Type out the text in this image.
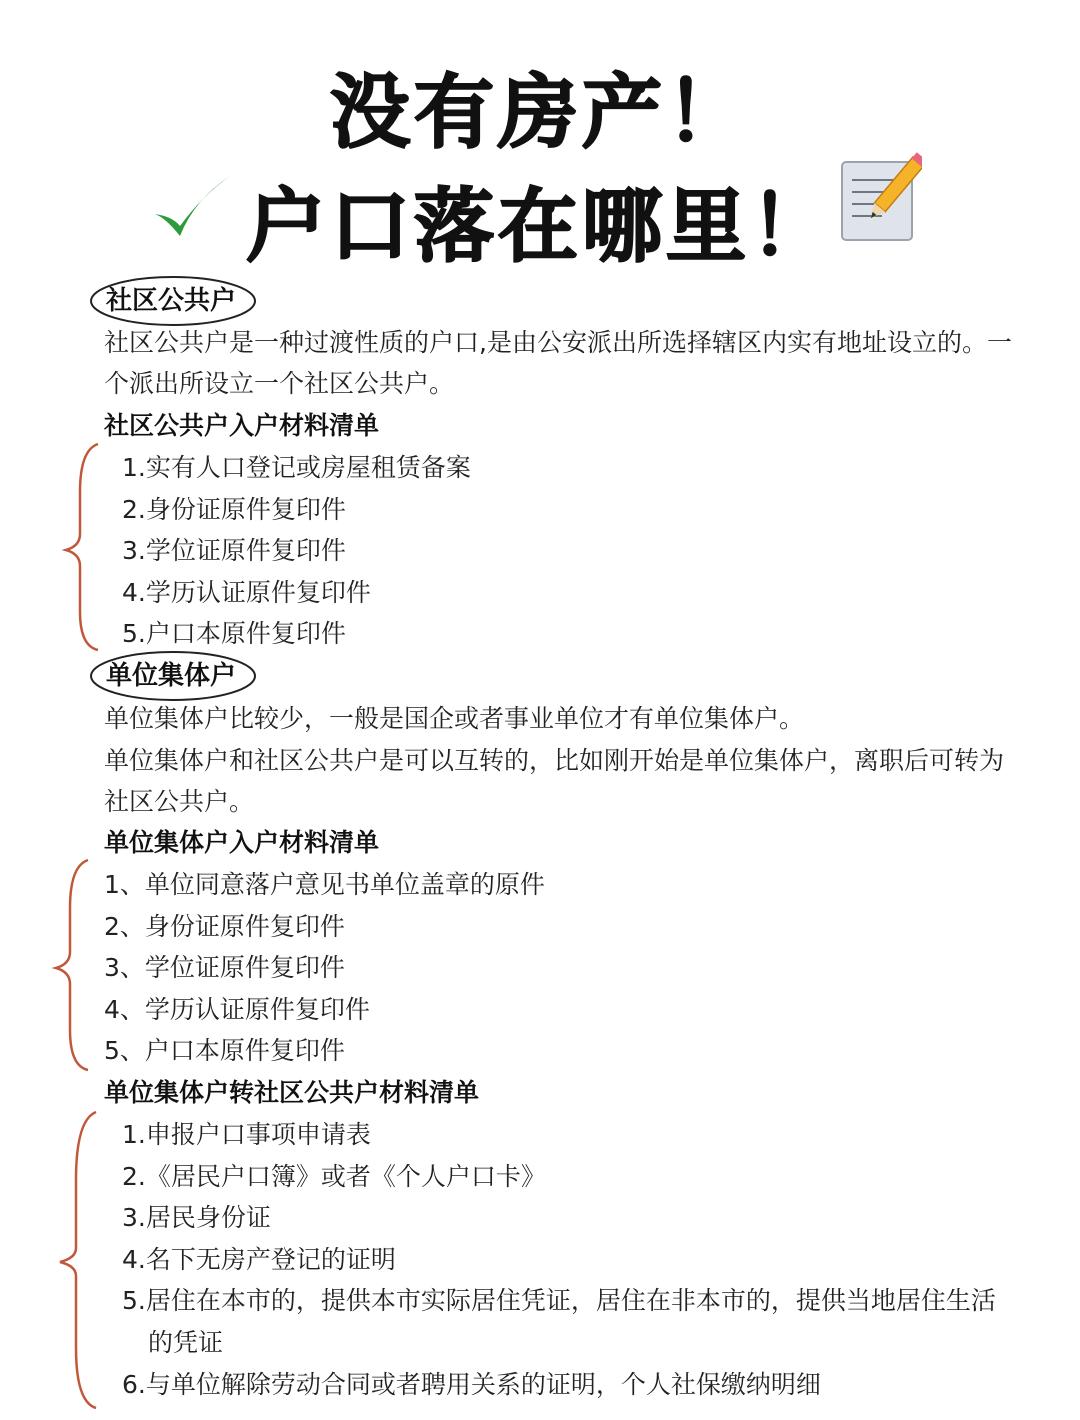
没有房产！
户口落在哪里！
社区公共户
社区公共户是一种过渡性质的户口,是由公安派出所选择辖区内实有地址设立的。一个派出所设立一个社区公共户。
社区公共户入户材料清单
1.实有人口登记或房屋租赁备案
2.身份证原件复印件
3.学位证原件复印件
4.学历认证原件复印件
5.户口本原件复印件
单位集体户
单位集体户比较少，一般是国企或者事业单位才有单位集体户。
单位集体户和社区公共户是可以互转的，比如刚开始是单位集体户，离职后可转为社区公共户。
单位集体户入户材料清单
1、单位同意落户意见书单位盖章的原件
2、身份证原件复印件
3、学位证原件复印件
4、学历认证原件复印件
5、户口本原件复印件
单位集体户转社区公共户材料清单
1.申报户口事项申请表
2.《居民户口簿》或者《个人户口卡》
3.居民身份证
4.名下无房产登记的证明
5.居住在本市的，提供本市实际居住凭证，居住在非本市的，提供当地居住生活的凭证
6.与单位解除劳动合同或者聘用关系的证明，个人社保缴纳明细
